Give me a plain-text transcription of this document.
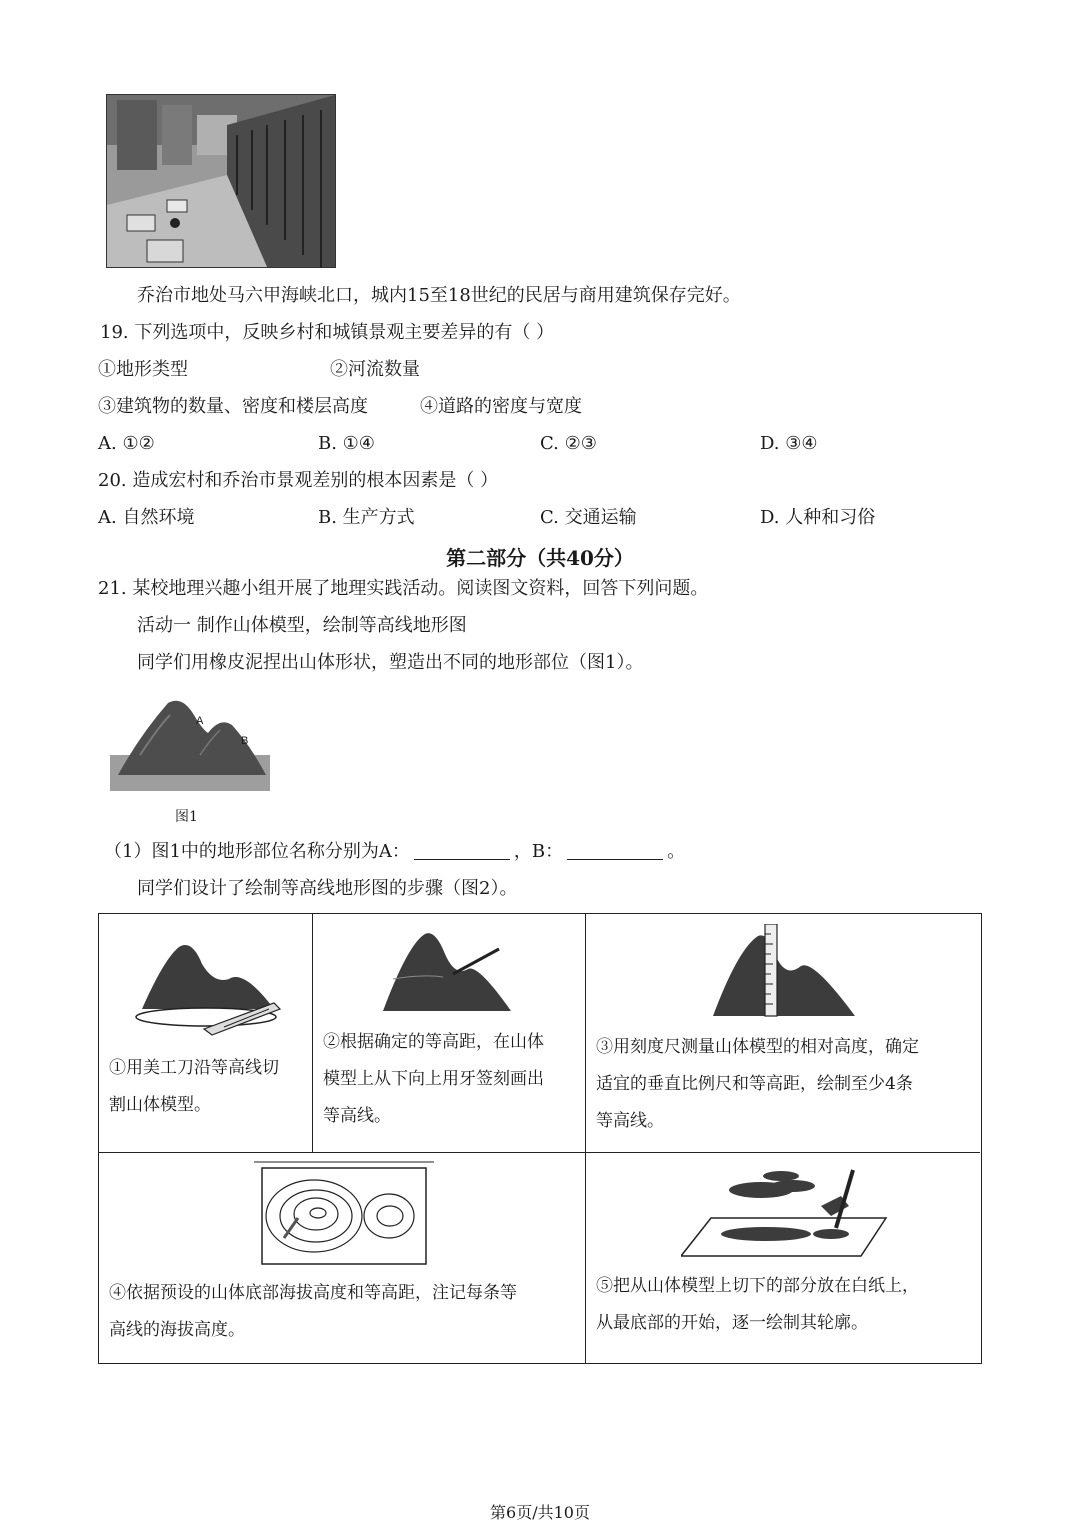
乔治市地处马六甲海峡北口，城内15至18世纪的民居与商用建筑保存完好。
19. 下列选项中，反映乡村和城镇景观主要差异的有（ ）
①地形类型	②河流数量
③建筑物的数量、密度和楼层高度	④道路的密度与宽度
A. ①②	B. ①④	C. ②③	D. ③④
20. 造成宏村和乔治市景观差别的根本因素是（ ）
A. 自然环境	B. 生产方式	C. 交通运输	D. 人种和习俗
第二部分（共40分）
21. 某校地理兴趣小组开展了地理实践活动。阅读图文资料，回答下列问题。
活动一 制作山体模型，绘制等高线地形图
同学们用橡皮泥捏出山体形状，塑造出不同的地形部位（图1）。
A
B
图1
（1）图1中的地形部位名称分别为A：	，B：	。
同学们设计了绘制等高线地形图的步骤（图2）。
①用美工刀沿等高线切
割山体模型。
②根据确定的等高距，在山体
模型上从下向上用牙签刻画出
等高线。
③用刻度尺测量山体模型的相对高度，确定
适宜的垂直比例尺和等高距，绘制至少4条
等高线。
④依据预设的山体底部海拔高度和等高距，注记每条等
高线的海拔高度。
⑤把从山体模型上切下的部分放在白纸上，
从最底部的开始，逐一绘制其轮廓。
第6页/共10页
